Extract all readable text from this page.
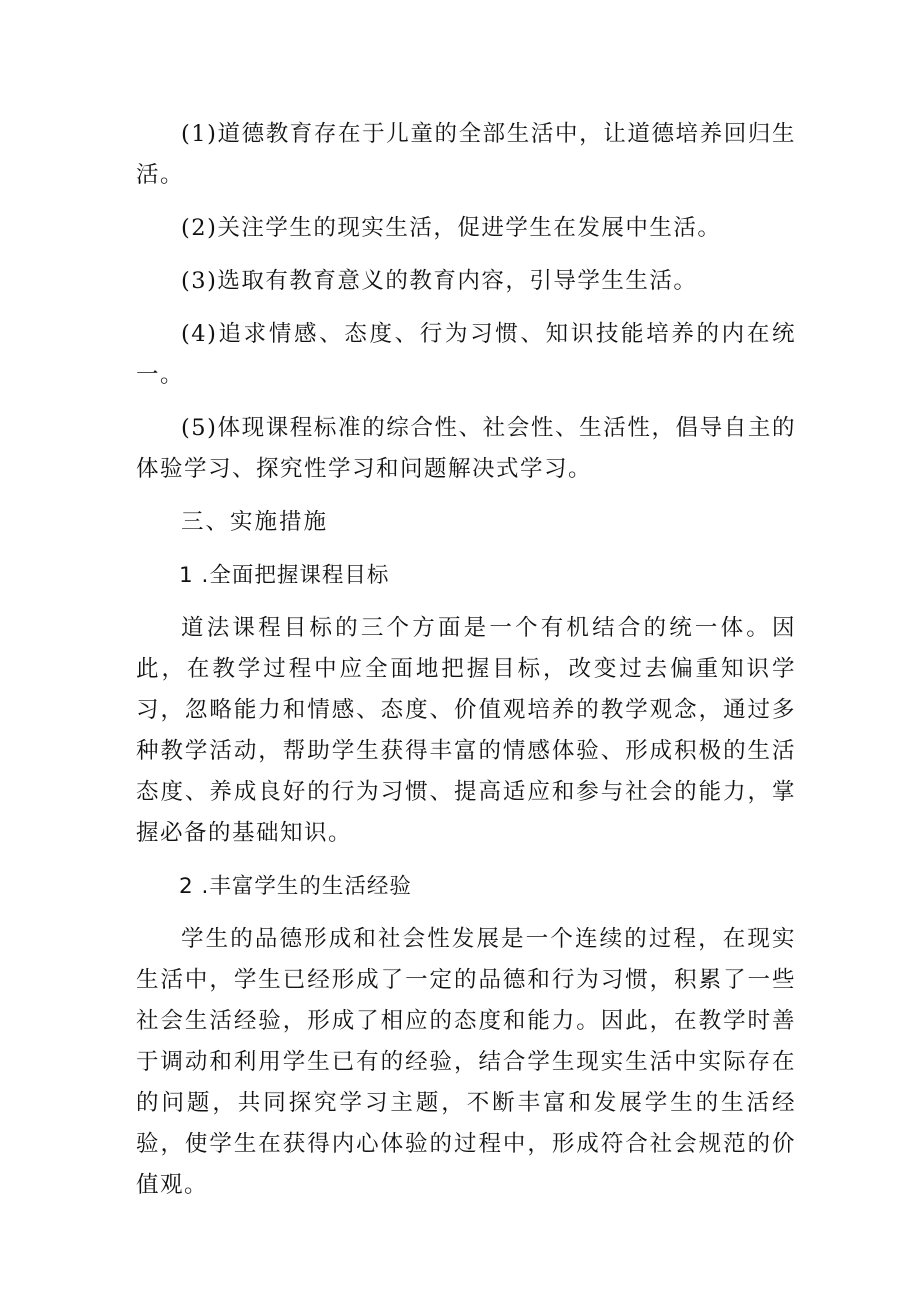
(1)道德教育存在于儿童的全部生活中，让道德培养回归生活。

(2)关注学生的现实生活，促进学生在发展中生活。

(3)选取有教育意义的教育内容，引导学生生活。

(4)追求情感、态度、行为习惯、知识技能培养的内在统一。

(5)体现课程标准的综合性、社会性、生活性，倡导自主的体验学习、探究性学习和问题解决式学习。

三、实施措施
1 .全面把握课程目标

道法课程目标的三个方面是一个有机结合的统一体。因此，在教学过程中应全面地把握目标，改变过去偏重知识学习，忽略能力和情感、态度、价值观培养的教学观念，通过多种教学活动，帮助学生获得丰富的情感体验、形成积极的生活态度、养成良好的行为习惯、提高适应和参与社会的能力，掌握必备的基础知识。

2 .丰富学生的生活经验

学生的品德形成和社会性发展是一个连续的过程，在现实生活中，学生已经形成了一定的品德和行为习惯，积累了一些社会生活经验，形成了相应的态度和能力。因此，在教学时善于调动和利用学生已有的经验，结合学生现实生活中实际存在的问题，共同探究学习主题，不断丰富和发展学生的生活经验，使学生在获得内心体验的过程中，形成符合社会规范的价值观。
